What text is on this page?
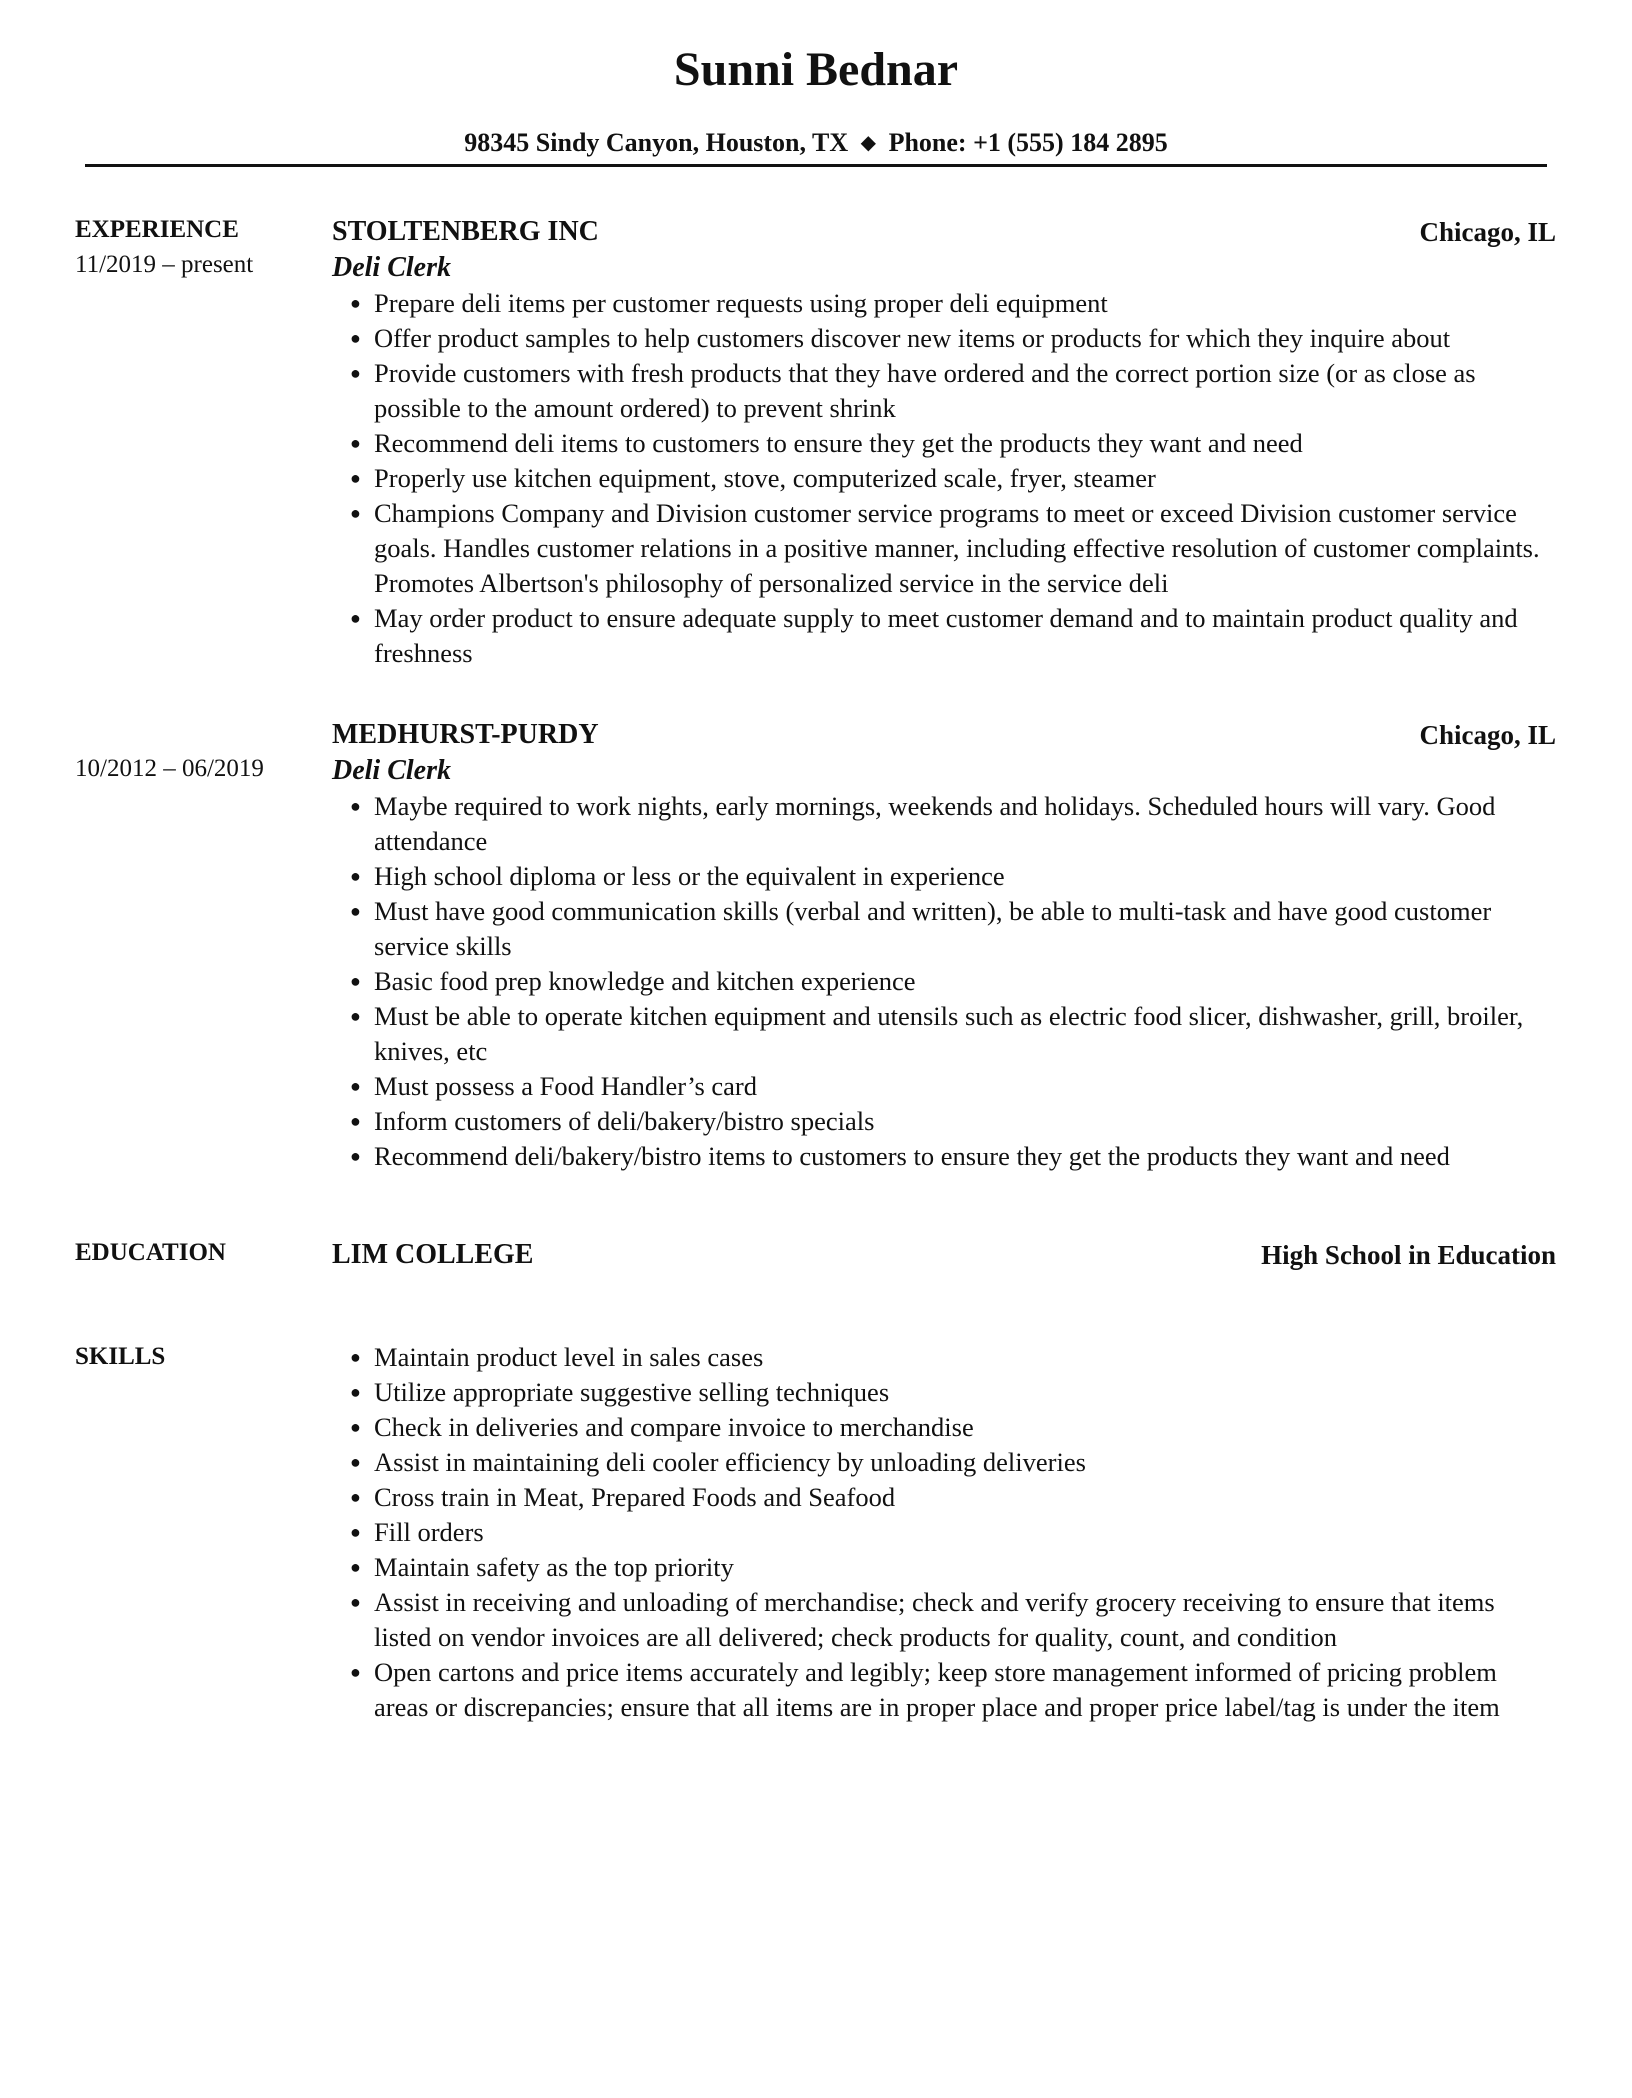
Sunni Bednar
98345 Sindy Canyon, Houston, TX ◆ Phone: +1 (555) 184 2895
EXPERIENCE
11/2019 – present
STOLTENBERG INC	Chicago, IL
Deli Clerk
● Prepare deli items per customer requests using proper deli equipment
● Offer product samples to help customers discover new items or products for which they inquire about
● Provide customers with fresh products that they have ordered and the correct portion size (or as close as possible to the amount ordered) to prevent shrink
● Recommend deli items to customers to ensure they get the products they want and need
● Properly use kitchen equipment, stove, computerized scale, fryer, steamer
● Champions Company and Division customer service programs to meet or exceed Division customer service goals. Handles customer relations in a positive manner, including effective resolution of customer complaints. Promotes Albertson's philosophy of personalized service in the service deli
● May order product to ensure adequate supply to meet customer demand and to maintain product quality and freshness
10/2012 – 06/2019
MEDHURST-PURDY	Chicago, IL
Deli Clerk
● Maybe required to work nights, early mornings, weekends and holidays. Scheduled hours will vary. Good attendance
● High school diploma or less or the equivalent in experience
● Must have good communication skills (verbal and written), be able to multi-task and have good customer service skills
● Basic food prep knowledge and kitchen experience
● Must be able to operate kitchen equipment and utensils such as electric food slicer, dishwasher, grill, broiler, knives, etc
● Must possess a Food Handler’s card
● Inform customers of deli/bakery/bistro specials
● Recommend deli/bakery/bistro items to customers to ensure they get the products they want and need
EDUCATION	LIM COLLEGE	High School in Education
SKILLS	● Maintain product level in sales cases
● Utilize appropriate suggestive selling techniques
● Check in deliveries and compare invoice to merchandise
● Assist in maintaining deli cooler efficiency by unloading deliveries
● Cross train in Meat, Prepared Foods and Seafood
● Fill orders
● Maintain safety as the top priority
● Assist in receiving and unloading of merchandise; check and verify grocery receiving to ensure that items listed on vendor invoices are all delivered; check products for quality, count, and condition
● Open cartons and price items accurately and legibly; keep store management informed of pricing problem areas or discrepancies; ensure that all items are in proper place and proper price label/tag is under the item
